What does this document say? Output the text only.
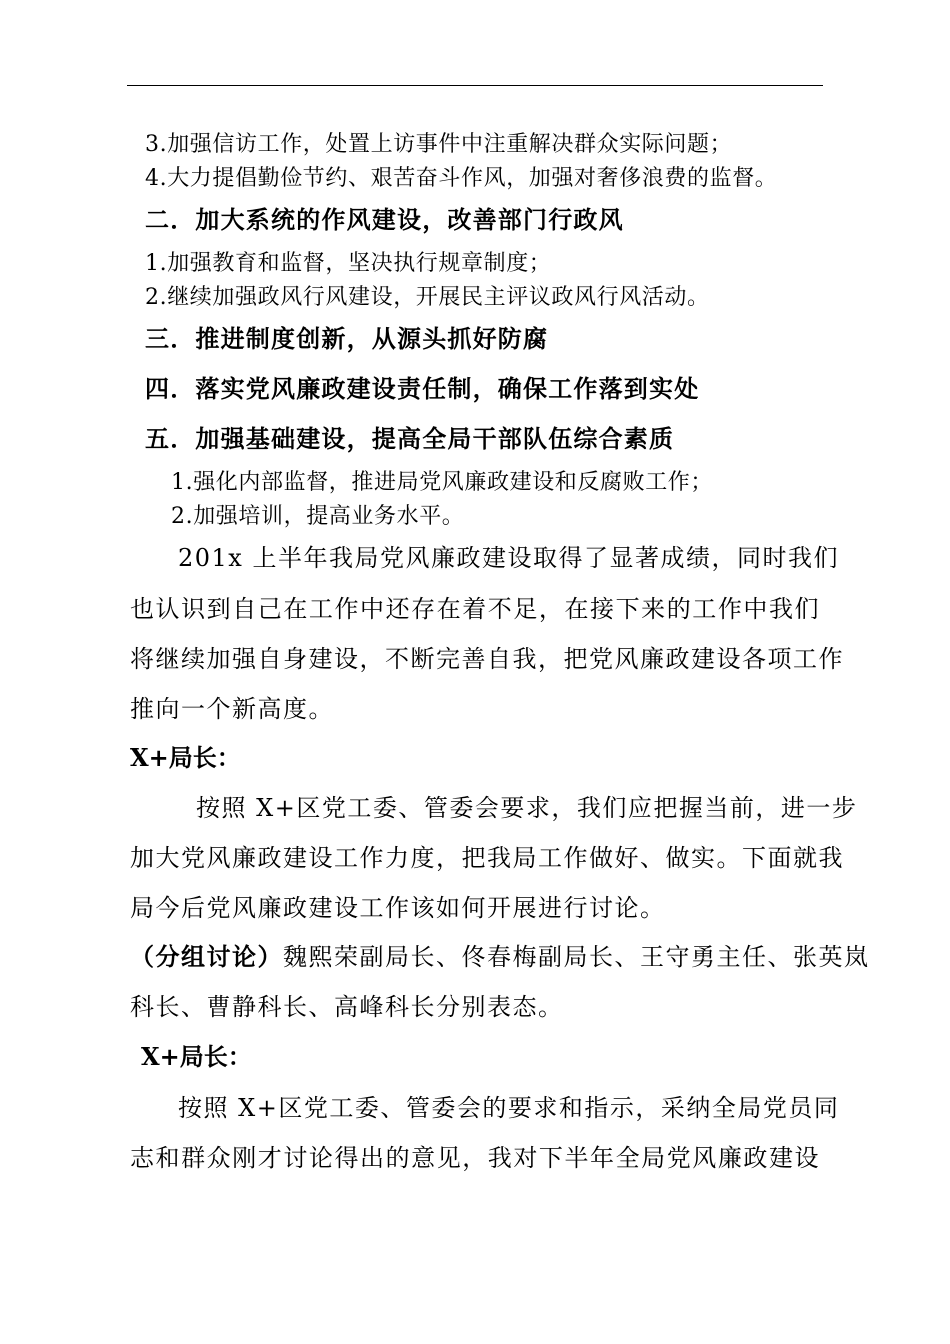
3.加强信访工作，处置上访事件中注重解决群众实际问题；
4.大力提倡勤俭节约、艰苦奋斗作风，加强对奢侈浪费的监督。
二．加大系统的作风建设，改善部门行政风
1.加强教育和监督，坚决执行规章制度；
2.继续加强政风行风建设，开展民主评议政风行风活动。
三．推进制度创新，从源头抓好防腐
四．落实党风廉政建设责任制，确保工作落到实处
五．加强基础建设，提高全局干部队伍综合素质
1.强化内部监督，推进局党风廉政建设和反腐败工作；
2.加强培训，提高业务水平。
201x 上半年我局党风廉政建设取得了显著成绩，同时我们
也认识到自己在工作中还存在着不足，在接下来的工作中我们
将继续加强自身建设，不断完善自我，把党风廉政建设各项工作
推向一个新高度。
X+局长：
按照 X+区党工委、管委会要求，我们应把握当前，进一步
加大党风廉政建设工作力度，把我局工作做好、做实。下面就我
局今后党风廉政建设工作该如何开展进行讨论。
（分组讨论）魏熙荣副局长、佟春梅副局长、王守勇主任、张英岚
科长、曹静科长、高峰科长分别表态。
X+局长：
按照 X+区党工委、管委会的要求和指示，采纳全局党员同
志和群众刚才讨论得出的意见，我对下半年全局党风廉政建设
